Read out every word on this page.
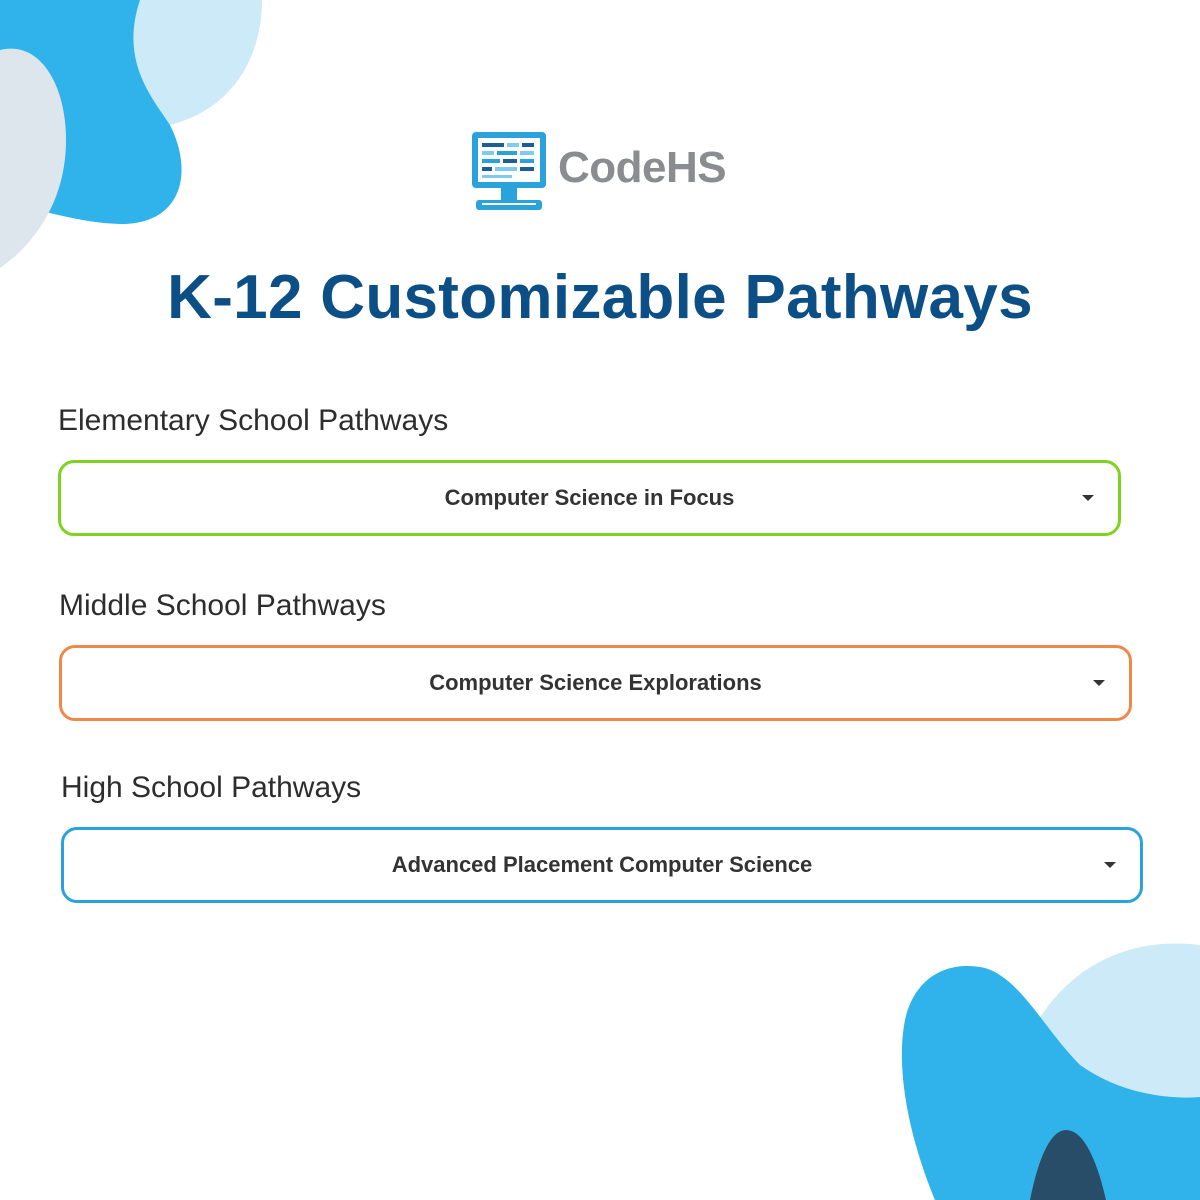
CodeHS
K-12 Customizable Pathways

Elementary School Pathways

Computer Science in Focus

Middle School Pathways

Computer Science Explorations

High School Pathways

Advanced Placement Computer Science
